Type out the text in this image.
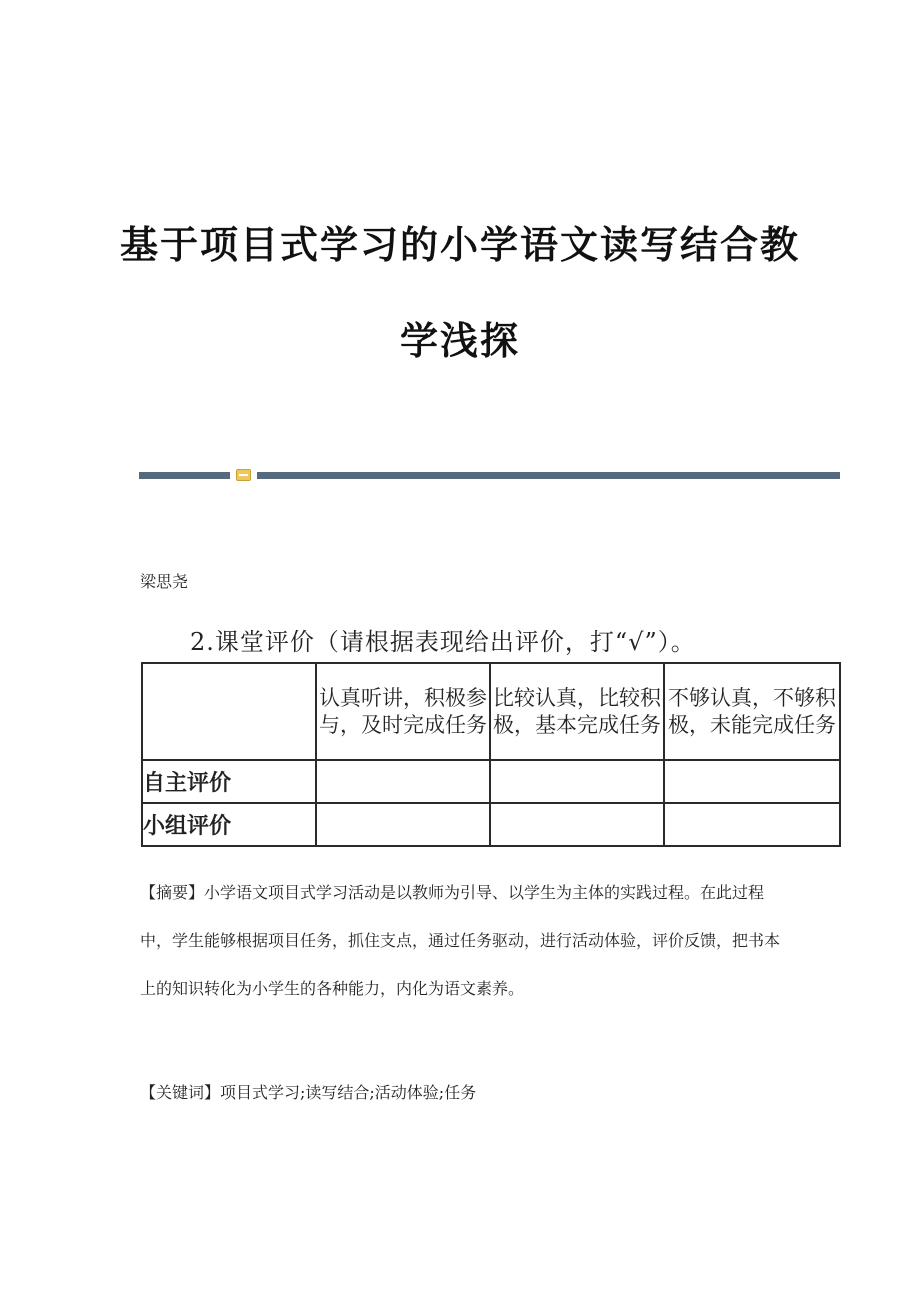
基于项目式学习的小学语文读写结合教
学浅探
梁思尧
2.课堂评价（请根据表现给出评价，打“√”）。
	认真听讲，积极参与，及时完成任务	比较认真，比较积极，基本完成任务	不够认真，不够积极，未能完成任务
自主评价			
小组评价			
【摘要】小学语文项目式学习活动是以教师为引导、以学生为主体的实践过程。在此过程中，学生能够根据项目任务，抓住支点，通过任务驱动，进行活动体验，评价反馈，把书本上的知识转化为小学生的各种能力，内化为语文素养。
【关键词】项目式学习;读写结合;活动体验;任务
